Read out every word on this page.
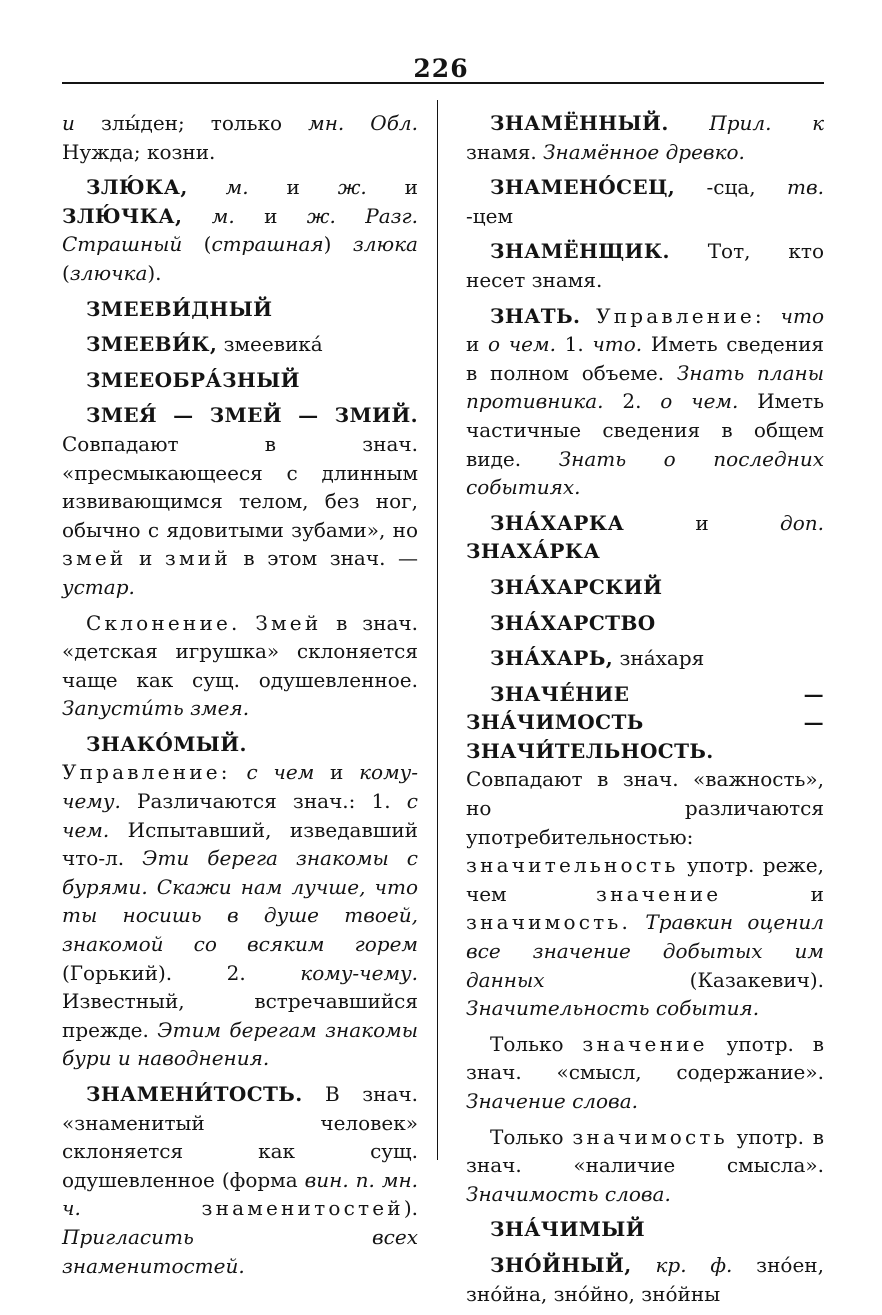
226

и злы́ден; только мн. Обл. Нужда; козни.

ЗЛЮ́КА, м. и ж. и ЗЛЮ́ЧКА, м. и ж. Разг. Страшный (страшная) злюка (злючка).

ЗМЕЕВИ́ДНЫЙ

ЗМЕЕВИ́К, змеевика́

ЗМЕЕОБРА́ЗНЫЙ

ЗМЕЯ́ — ЗМЕЙ — ЗМИЙ. Совпадают в знач. «пресмыкающееся с длинным извивающимся телом, без ног, обычно с ядовитыми зубами», но змей и змий в этом знач. — устар.

Склонение. Змей в знач. «детская игрушка» склоняется чаще как сущ. одушевленное. Запусти́ть змея.

ЗНАКО́МЫЙ. Управление: с чем и кому-чему. Различаются знач.: 1. с чем. Испытавший, изведавший что-л. Эти берега знакомы с бурями. Скажи нам лучше, что ты носишь в душе твоей, знакомой со всяким горем (Горький). 2. кому-чему. Известный, встречавшийся прежде. Этим берегам знакомы бури и наводнения.

ЗНАМЕНИ́ТОСТЬ. В знач. «знаменитый человек» склоняется как сущ. одушевленное (форма вин. п. мн. ч.	знаменитостей). Пригласить всех знаменитостей.

ЗНАМЁННЫЙ. Прил. к знамя. Знамённое древко.

ЗНАМЕНО́СЕЦ, -сца, тв. -цем

ЗНАМЁНЩИК. Тот, кто несет знамя.

ЗНАТЬ. Управление: что и о чем. 1. что. Иметь сведения в полном объеме. Знать планы противника. 2. о чем. Иметь частичные сведения в общем виде. Знать о последних событиях.

ЗНА́ХАРКА и доп. ЗНАХА́РКА

ЗНА́ХАРСКИЙ

ЗНА́ХАРСТВО

ЗНА́ХАРЬ, зна́харя

ЗНАЧЕ́НИЕ — ЗНА́ЧИМОСТЬ — ЗНАЧИ́ТЕЛЬНОСТЬ. Совпадают в знач. «важность», но различаются употребительностью: значительность употр. реже, чем значение и значимость. Травкин оценил все значение добытых им данных (Казакевич). Значительность события.

Только значение употр. в знач. «смысл, содержание». Значение слова.

Только значимость употр. в знач. «наличие смысла». Значимость слова.

ЗНА́ЧИМЫЙ

ЗНО́ЙНЫЙ, кр. ф. зно́ен, зно́йна, зно́йно, зно́йны
